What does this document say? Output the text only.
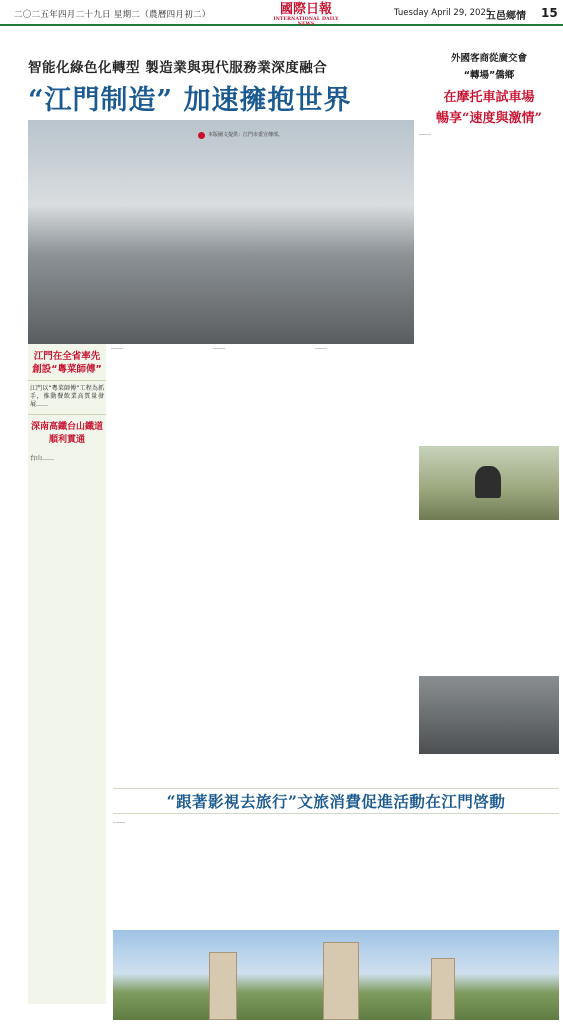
二〇二五年四月二十九日 星期二（農曆四月初二）	國際日報
INTERNATIONAL DAILY NEWS
Tuesday April 29, 2025
五邑鄉情 15
智能化綠色化轉型 製造業與現代服務業深度融合
“江門制造” 加速擁抱世界
本版圖文提供：江門市委宣傳部。
江門在全省率先創設“粵菜師傅”
江門以“粵菜師傅”工程為抓手，推動餐飲業高質量發展……
深南高鐵台山鐵道順利貫通
台山……
……	……	……
外國客商從廣交會
“轉場”僑鄉
在摩托車試車場
暢享“速度與激情”
……
“跟著影視去旅行”文旅消費促進活動在江門啓動
……
